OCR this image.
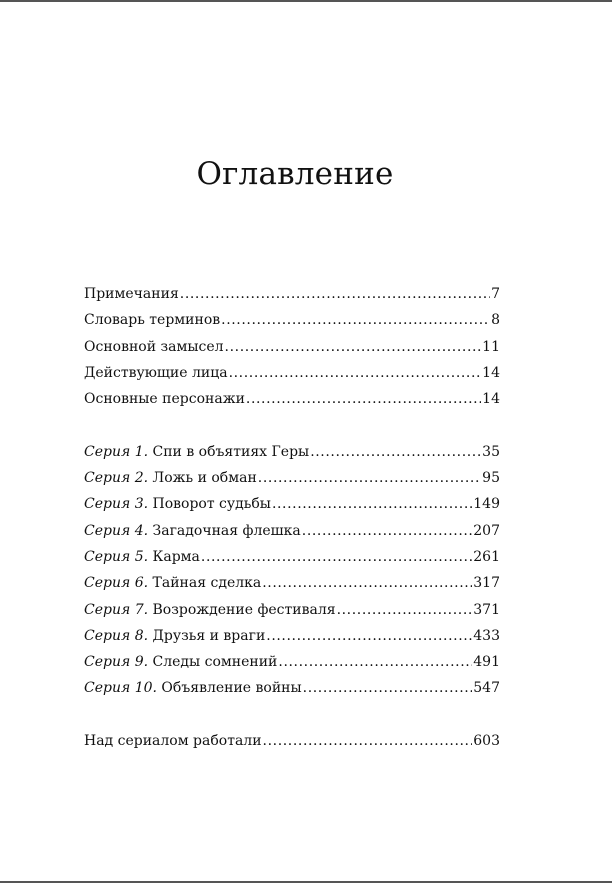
Оглавление
Примечания .....	7
Словарь терминов .....	8
Основной замысел .....	11
Действующие лица .....	14
Основные персонажи .....	14
Серия 1. Спи в объятиях Геры .....	35
Серия 2. Ложь и обман .....	95
Серия 3. Поворот судьбы .....	149
Серия 4. Загадочная флешка .....	207
Серия 5. Карма .....	261
Серия 6. Тайная сделка .....	317
Серия 7. Возрождение фестиваля .....	371
Серия 8. Друзья и враги .....	433
Серия 9. Следы сомнений .....	491
Серия 10. Объявление войны .....	547
Над сериалом работали .....	603
